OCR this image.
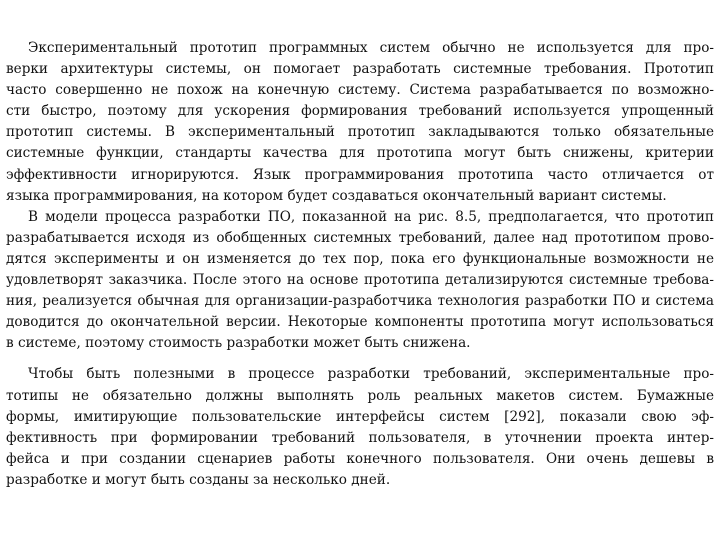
Экспериментальный прототип программных систем обычно не используется для про-
верки архитектуры системы, он помогает разработать системные требования. Прототип
часто совершенно не похож на конечную систему. Система разрабатывается по возможно-
сти быстро, поэтому для ускорения формирования требований используется упрощенный
прототип системы. В экспериментальный прототип закладываются только обязательные
системные функции, стандарты качества для прототипа могут быть снижены, критерии
эффективности игнорируются. Язык программирования прототипа часто отличается от
языка программирования, на котором будет создаваться окончательный вариант системы.
В модели процесса разработки ПО, показанной на рис. 8.5, предполагается, что прототип
разрабатывается исходя из обобщенных системных требований, далее над прототипом прово-
дятся эксперименты и он изменяется до тех пор, пока его функциональные возможности не
удовлетворят заказчика. После этого на основе прототипа детализируются системные требова-
ния, реализуется обычная для организации-разработчика технология разработки ПО и система
доводится до окончательной версии. Некоторые компоненты прототипа могут использоваться
в системе, поэтому стоимость разработки может быть снижена.
Чтобы быть полезными в процессе разработки требований, экспериментальные про-
тотипы не обязательно должны выполнять роль реальных макетов систем. Бумажные
формы, имитирующие пользовательские интерфейсы систем [292], показали свою эф-
фективность при формировании требований пользователя, в уточнении проекта интер-
фейса и при создании сценариев работы конечного пользователя. Они очень дешевы в
разработке и могут быть созданы за несколько дней.
